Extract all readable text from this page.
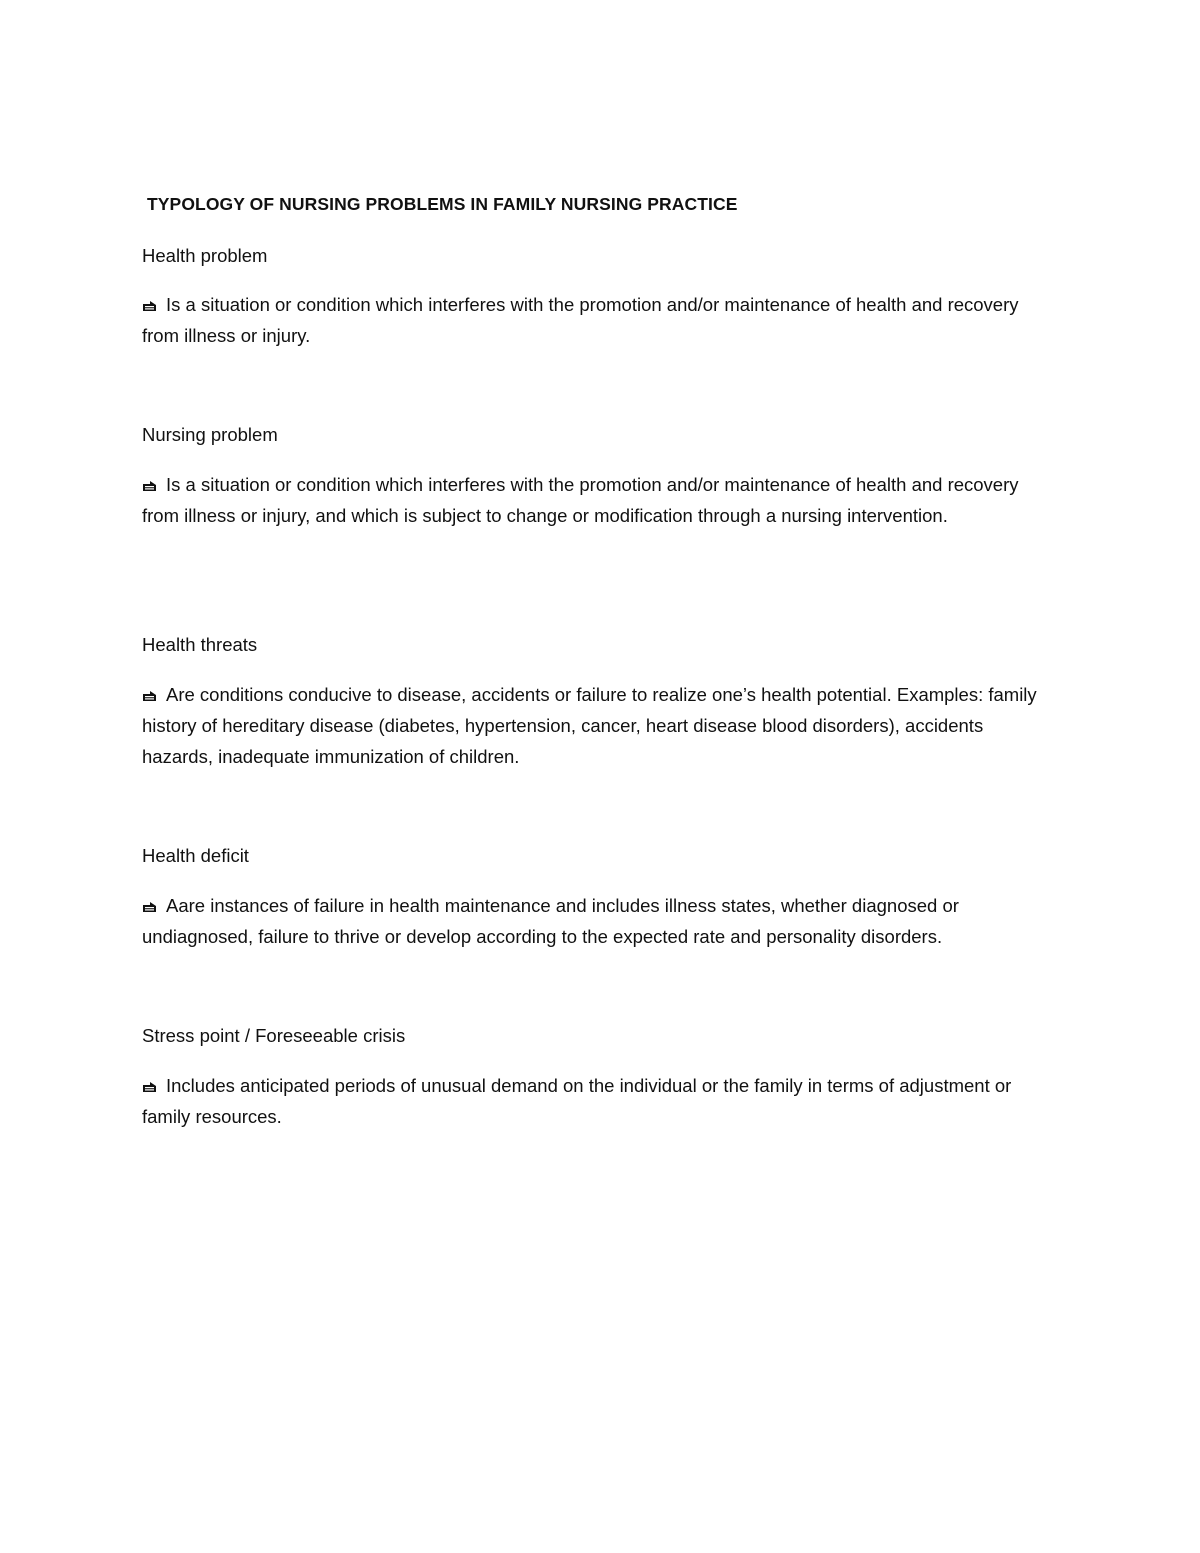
TYPOLOGY OF NURSING PROBLEMS IN FAMILY NURSING PRACTICE
Health problem
Is a situation or condition which interferes with the promotion and/or maintenance of health and recovery from illness or injury.
Nursing problem
Is a situation or condition which interferes with the promotion and/or maintenance of health and recovery from illness or injury, and which is subject to change or modification through a nursing intervention.
Health threats
Are conditions conducive to disease, accidents or failure to realize one’s health potential. Examples: family history of hereditary disease (diabetes, hypertension, cancer, heart disease blood disorders), accidents hazards, inadequate immunization of children.
Health deficit
Aare instances of failure in health maintenance and includes illness states, whether diagnosed or undiagnosed, failure to thrive or develop according to the expected rate and personality disorders.
Stress point / Foreseeable crisis
Includes anticipated periods of unusual demand on the individual or the family in terms of adjustment or family resources.
